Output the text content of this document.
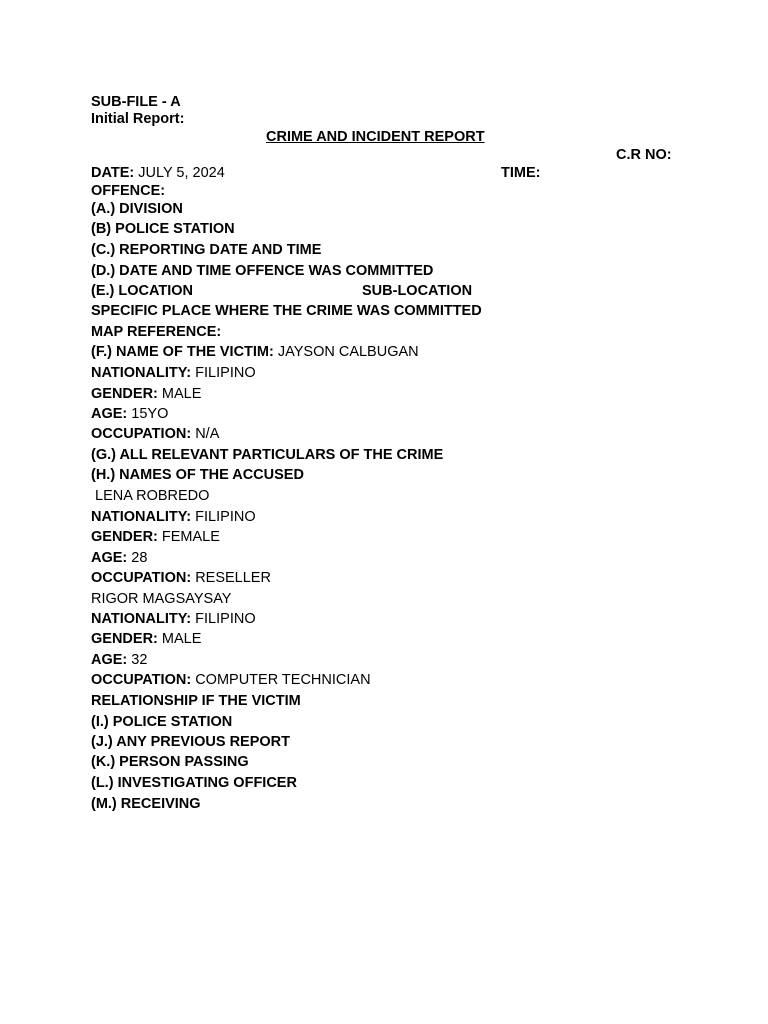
SUB-FILE - A
Initial Report:
CRIME AND INCIDENT REPORT
C.R NO:
DATE: JULY 5, 2024	TIME:
OFFENCE:
(A.) DIVISION
(B) POLICE STATION
(C.) REPORTING DATE AND TIME
(D.) DATE AND TIME OFFENCE WAS COMMITTED
(E.) LOCATION	SUB-LOCATION
SPECIFIC PLACE WHERE THE CRIME WAS COMMITTED
MAP REFERENCE:
(F.) NAME OF THE VICTIM: JAYSON CALBUGAN
NATIONALITY: FILIPINO
GENDER: MALE
AGE: 15YO
OCCUPATION: N/A
(G.) ALL RELEVANT PARTICULARS OF THE CRIME
(H.) NAMES OF THE ACCUSED
LENA ROBREDO
NATIONALITY: FILIPINO
GENDER: FEMALE
AGE: 28
OCCUPATION: RESELLER
RIGOR MAGSAYSAY
NATIONALITY: FILIPINO
GENDER: MALE
AGE: 32
OCCUPATION: COMPUTER TECHNICIAN
RELATIONSHIP IF THE VICTIM
(I.) POLICE STATION
(J.) ANY PREVIOUS REPORT
(K.) PERSON PASSING
(L.) INVESTIGATING OFFICER
(M.) RECEIVING
